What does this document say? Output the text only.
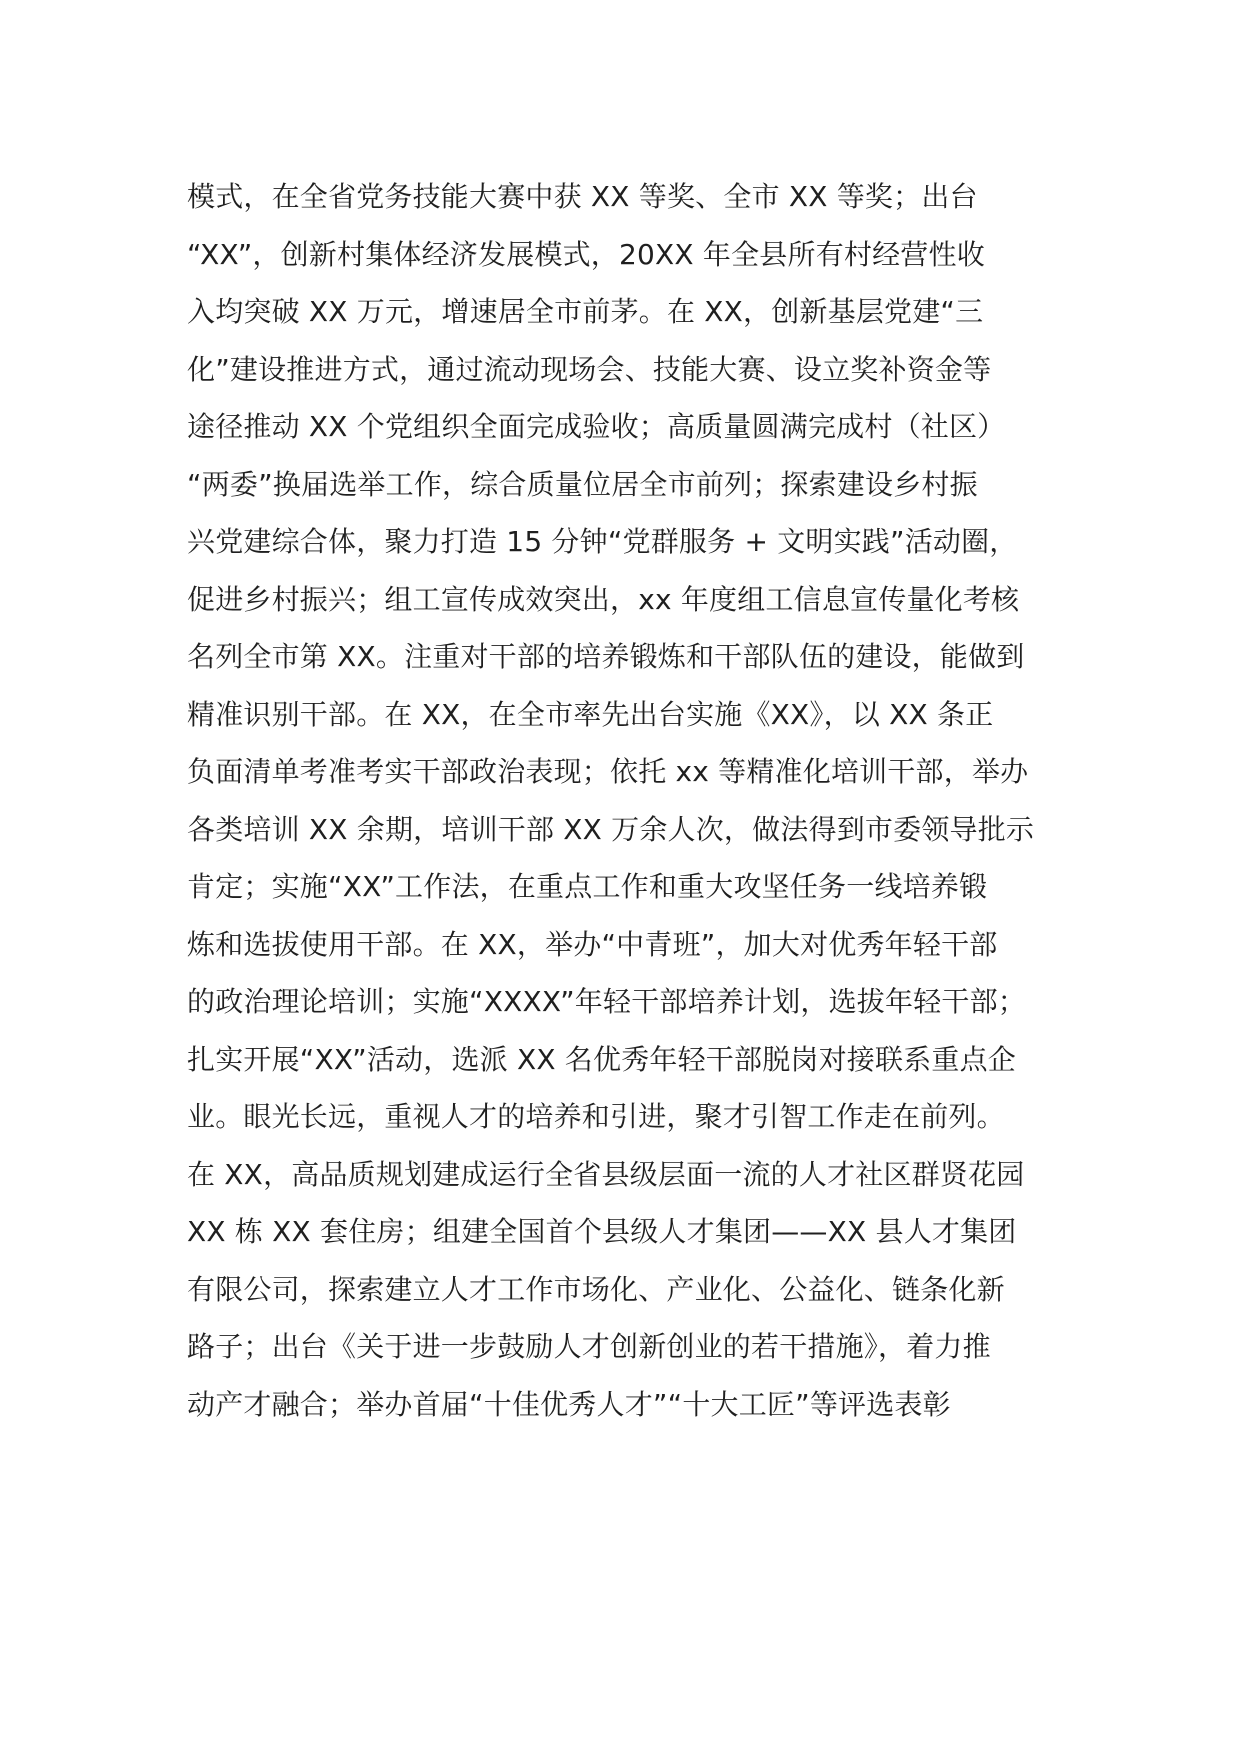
模式，在全省党务技能大赛中获 XX 等奖、全市 XX 等奖；出台
“XX”，创新村集体经济发展模式，20XX 年全县所有村经营性收
入均突破 XX 万元，增速居全市前茅。在 XX，创新基层党建“三
化”建设推进方式，通过流动现场会、技能大赛、设立奖补资金等
途径推动 XX 个党组织全面完成验收；高质量圆满完成村（社区）
“两委”换届选举工作，综合质量位居全市前列；探索建设乡村振
兴党建综合体，聚力打造 15 分钟“党群服务 + 文明实践”活动圈，
促进乡村振兴；组工宣传成效突出，xx 年度组工信息宣传量化考核
名列全市第 XX。注重对干部的培养锻炼和干部队伍的建设，能做到
精准识别干部。在 XX，在全市率先出台实施《XX》，以 XX 条正
负面清单考准考实干部政治表现；依托 xx 等精准化培训干部，举办
各类培训 XX 余期，培训干部 XX 万余人次，做法得到市委领导批示
肯定；实施“XX”工作法，在重点工作和重大攻坚任务一线培养锻
炼和选拔使用干部。在 XX，举办“中青班”，加大对优秀年轻干部
的政治理论培训；实施“XXXX”年轻干部培养计划，选拔年轻干部；
扎实开展“XX”活动，选派 XX 名优秀年轻干部脱岗对接联系重点企
业。眼光长远，重视人才的培养和引进，聚才引智工作走在前列。
在 XX，高品质规划建成运行全省县级层面一流的人才社区群贤花园
XX 栋 XX 套住房；组建全国首个县级人才集团——XX 县人才集团
有限公司，探索建立人才工作市场化、产业化、公益化、链条化新
路子；出台《关于进一步鼓励人才创新创业的若干措施》，着力推
动产才融合；举办首届“十佳优秀人才”“十大工匠”等评选表彰
